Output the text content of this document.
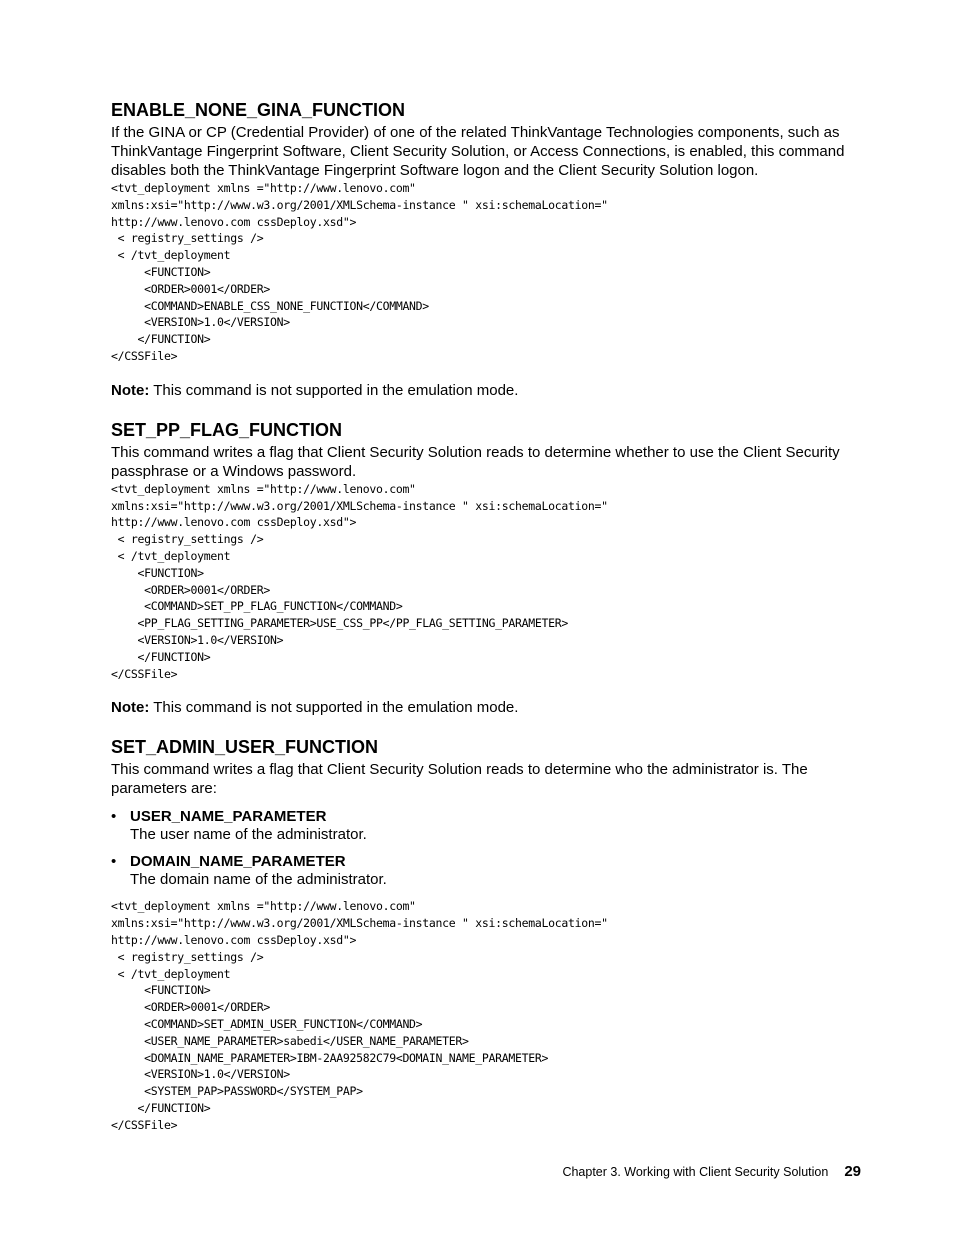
ENABLE_NONE_GINA_FUNCTION

If the GINA or CP (Credential Provider) of one of the related ThinkVantage Technologies components, such as ThinkVantage Fingerprint Software, Client Security Solution, or Access Connections, is enabled, this command disables both the ThinkVantage Fingerprint Software logon and the Client Security Solution logon.

<tvt_deployment xmlns ="http://www.lenovo.com"
xmlns:xsi="http://www.w3.org/2001/XMLSchema-instance " xsi:schemaLocation="
http://www.lenovo.com cssDeploy.xsd">
< registry_settings />
< /tvt_deployment
<FUNCTION>
<ORDER>0001</ORDER>
<COMMAND>ENABLE_CSS_NONE_FUNCTION</COMMAND>
<VERSION>1.0</VERSION>
</FUNCTION>
</CSSFile>

Note: This command is not supported in the emulation mode.

SET_PP_FLAG_FUNCTION

This command writes a flag that Client Security Solution reads to determine whether to use the Client Security passphrase or a Windows password.

<tvt_deployment xmlns ="http://www.lenovo.com"
xmlns:xsi="http://www.w3.org/2001/XMLSchema-instance " xsi:schemaLocation="
http://www.lenovo.com cssDeploy.xsd">
< registry_settings />
< /tvt_deployment
<FUNCTION>
<ORDER>0001</ORDER>
<COMMAND>SET_PP_FLAG_FUNCTION</COMMAND>
<PP_FLAG_SETTING_PARAMETER>USE_CSS_PP</PP_FLAG_SETTING_PARAMETER>
<VERSION>1.0</VERSION>
</FUNCTION>
</CSSFile>

Note: This command is not supported in the emulation mode.

SET_ADMIN_USER_FUNCTION

This command writes a flag that Client Security Solution reads to determine who the administrator is. The parameters are:

• USER_NAME_PARAMETER
The user name of the administrator.
• DOMAIN_NAME_PARAMETER
The domain name of the administrator.
<tvt_deployment xmlns ="http://www.lenovo.com"
xmlns:xsi="http://www.w3.org/2001/XMLSchema-instance " xsi:schemaLocation="
http://www.lenovo.com cssDeploy.xsd">
< registry_settings />
< /tvt_deployment
<FUNCTION>
<ORDER>0001</ORDER>
<COMMAND>SET_ADMIN_USER_FUNCTION</COMMAND>
<USER_NAME_PARAMETER>sabedi</USER_NAME_PARAMETER>
<DOMAIN_NAME_PARAMETER>IBM-2AA92582C79<DOMAIN_NAME_PARAMETER>
<VERSION>1.0</VERSION>
<SYSTEM_PAP>PASSWORD</SYSTEM_PAP>
</FUNCTION>
</CSSFile>
Chapter 3. Working with Client Security Solution 29
